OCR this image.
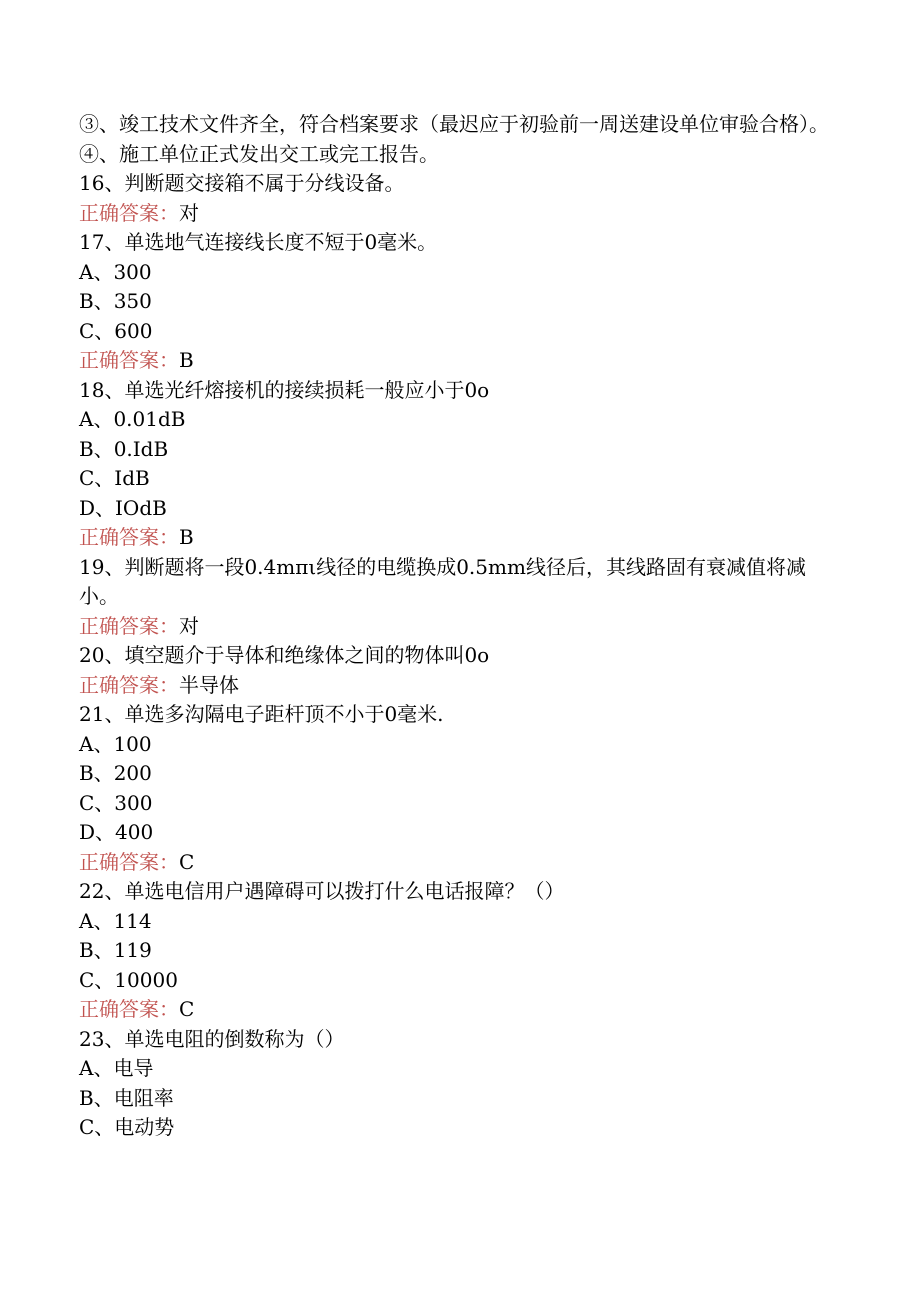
③、竣工技术文件齐全，符合档案要求（最迟应于初验前一周送建设单位审验合格）。
④、施工单位正式发出交工或完工报告。
16、判断题交接箱不属于分线设备。
正确答案：对
17、单选地气连接线长度不短于0毫米。
A、300
B、350
C、600
正确答案：B
18、单选光纤熔接机的接续损耗一般应小于0o
A、0.01dB
B、0.IdB
C、IdB
D、IOdB
正确答案：B
19、判断题将一段0.4mπι线径的电缆换成0.5mm线径后，其线路固有衰减值将减小。
正确答案：对
20、填空题介于导体和绝缘体之间的物体叫0o
正确答案：半导体
21、单选多沟隔电子距杆顶不小于0毫米.
A、100
B、200
C、300
D、400
正确答案：C
22、单选电信用户遇障碍可以拨打什么电话报障？（）
A、114
B、119
C、10000
正确答案：C
23、单选电阻的倒数称为（）
A、电导
B、电阻率
C、电动势
